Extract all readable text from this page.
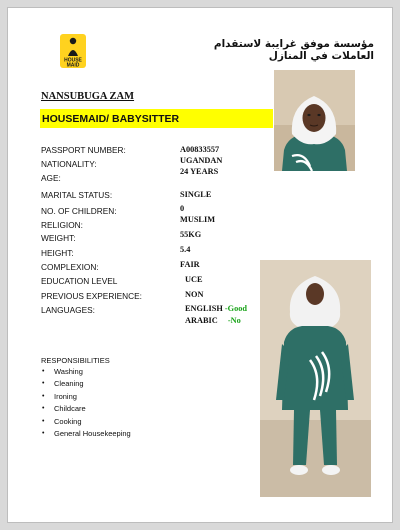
HOUSE
MAID
مؤسسة موفق غرايبة لاستقدام العاملات في المنازل
NANSUBUGA ZAM
HOUSEMAID/ BABYSITTER
PASSPORT NUMBER:	A00833557
NATIONALITY:	UGANDAN
AGE:
24 YEARS
MARITAL STATUS:	SINGLE
NO. OF CHILDREN:	0
RELIGION:
MUSLIM
WEIGHT:	55KG
HEIGHT:	5.4
COMPLEXION:	FAIR
EDUCATION LEVEL	UCE
PREVIOUS EXPERIENCE:	NON
LANGUAGES:	ENGLISH -Good
ARABIC -No
RESPONSIBILITIES
• Washing
• Cleaning
• Ironing
• Childcare
• Cooking
• General Housekeeping
